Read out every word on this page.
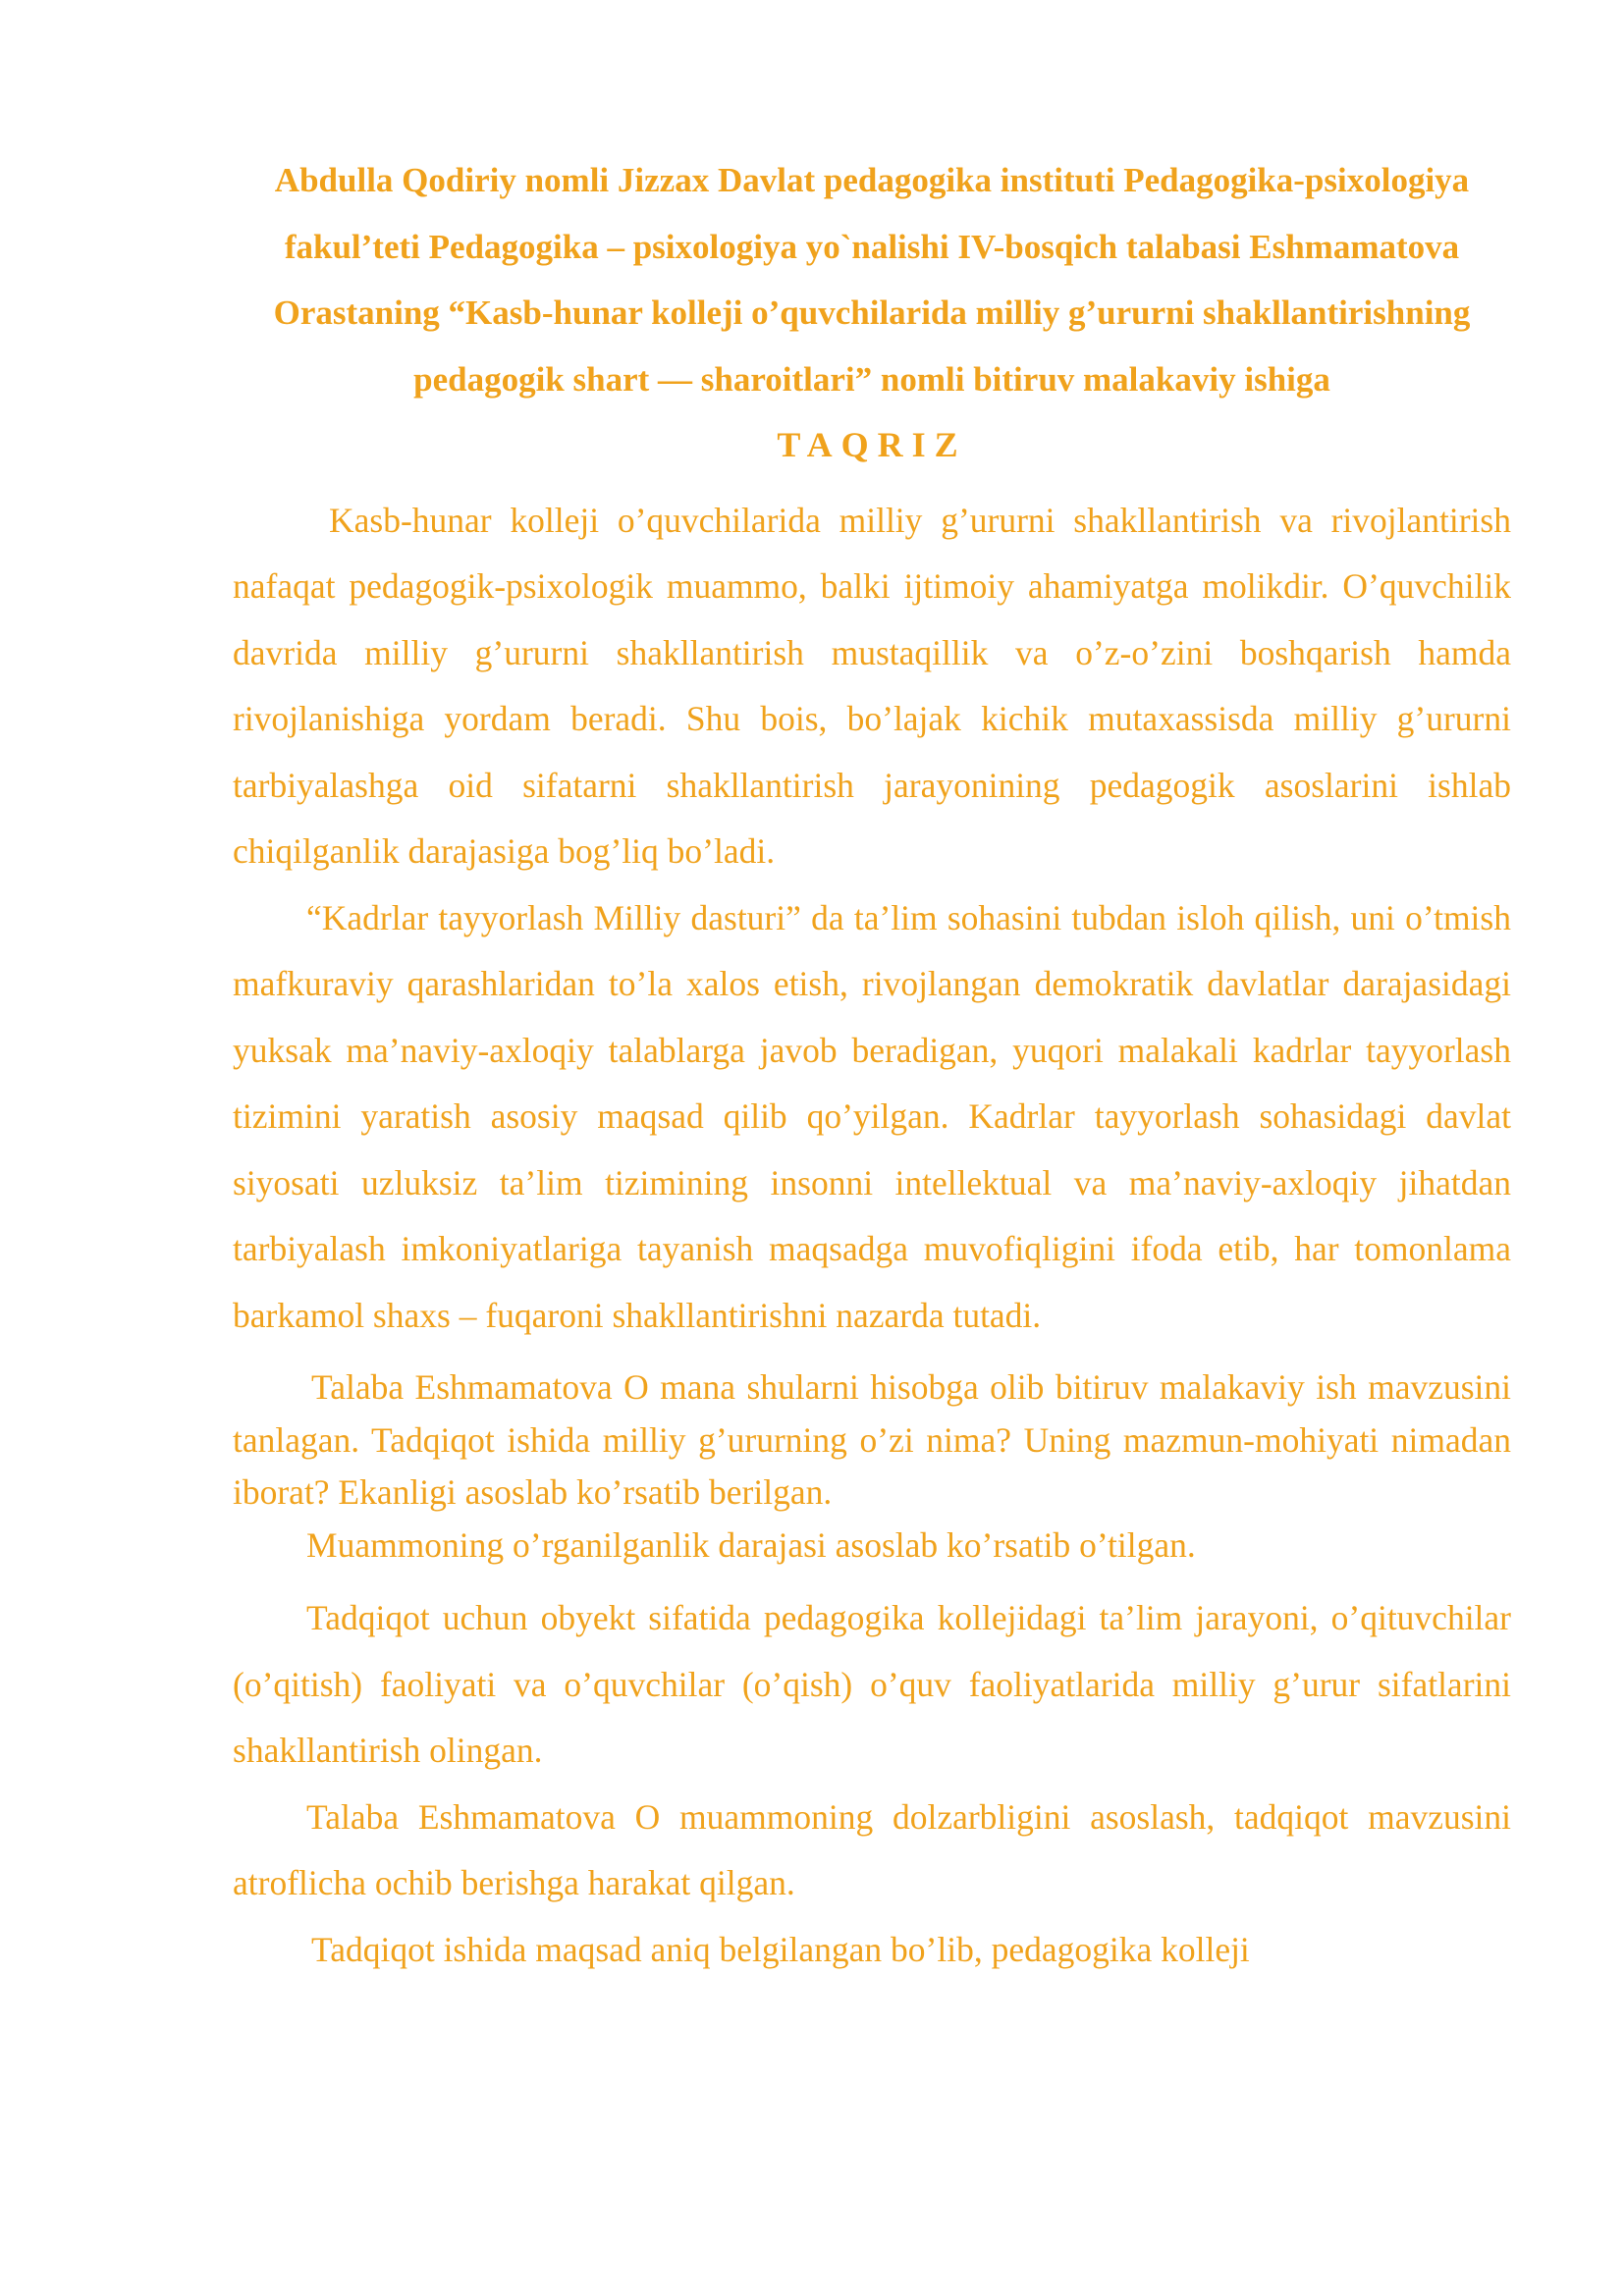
Abdulla Qodiriy nomli Jizzax Davlat pedagogika instituti Pedagogika-psixologiya fakul’teti Pedagogika – psixologiya yo`nalishi IV-bosqich talabasi Eshmamatova Orastaning “Kasb-hunar kolleji o’quvchilarida milliy g’ururni shakllantirishning pedagogik shart — sharoitlari” nomli bitiruv malakaviy ishiga
TAQRIZ

Kasb-hunar kolleji o’quvchilarida milliy g’ururni shakllantirish va rivojlantirish nafaqat pedagogik-psixologik muammo, balki ijtimoiy ahamiyatga molikdir. O’quvchilik davrida milliy g’ururni shakllantirish mustaqillik va o’z-o’zini boshqarish hamda rivojlanishiga yordam beradi. Shu bois, bo’lajak kichik mutaxassisda milliy g’ururni tarbiyalashga oid sifatarni shakllantirish jarayonining pedagogik asoslarini ishlab chiqilganlik darajasiga bog’liq bo’ladi.

“Kadrlar tayyorlash Milliy dasturi” da ta’lim sohasini tubdan isloh qilish, uni o’tmish mafkuraviy qarashlaridan to’la xalos etish, rivojlangan demokratik davlatlar darajasidagi yuksak ma’naviy-axloqiy talablarga javob beradigan, yuqori malakali kadrlar tayyorlash tizimini yaratish asosiy maqsad qilib qo’yilgan. Kadrlar tayyorlash sohasidagi davlat siyosati uzluksiz ta’lim tizimining insonni intellektual va ma’naviy-axloqiy jihatdan tarbiyalash imkoniyatlariga tayanish maqsadga muvofiqligini ifoda etib, har tomonlama barkamol shaxs – fuqaroni shakllantirishni nazarda tutadi.

Talaba Eshmamatova O mana shularni hisobga olib bitiruv malakaviy ish mavzusini tanlagan. Tadqiqot ishida milliy g’ururning o’zi nima? Uning mazmun-mohiyati nimadan iborat? Ekanligi asoslab ko’rsatib berilgan.

Muammoning o’rganilganlik darajasi asoslab ko’rsatib o’tilgan.

Tadqiqot uchun obyekt sifatida pedagogika kollejidagi ta’lim jarayoni, o’qituvchilar (o’qitish) faoliyati va o’quvchilar (o’qish) o’quv faoliyatlarida milliy g’urur sifatlarini shakllantirish olingan.

Talaba Eshmamatova O muammoning dolzarbligini asoslash, tadqiqot mavzusini atroflicha ochib berishga harakat qilgan.

Tadqiqot ishida maqsad aniq belgilangan bo’lib, pedagogika kolleji
